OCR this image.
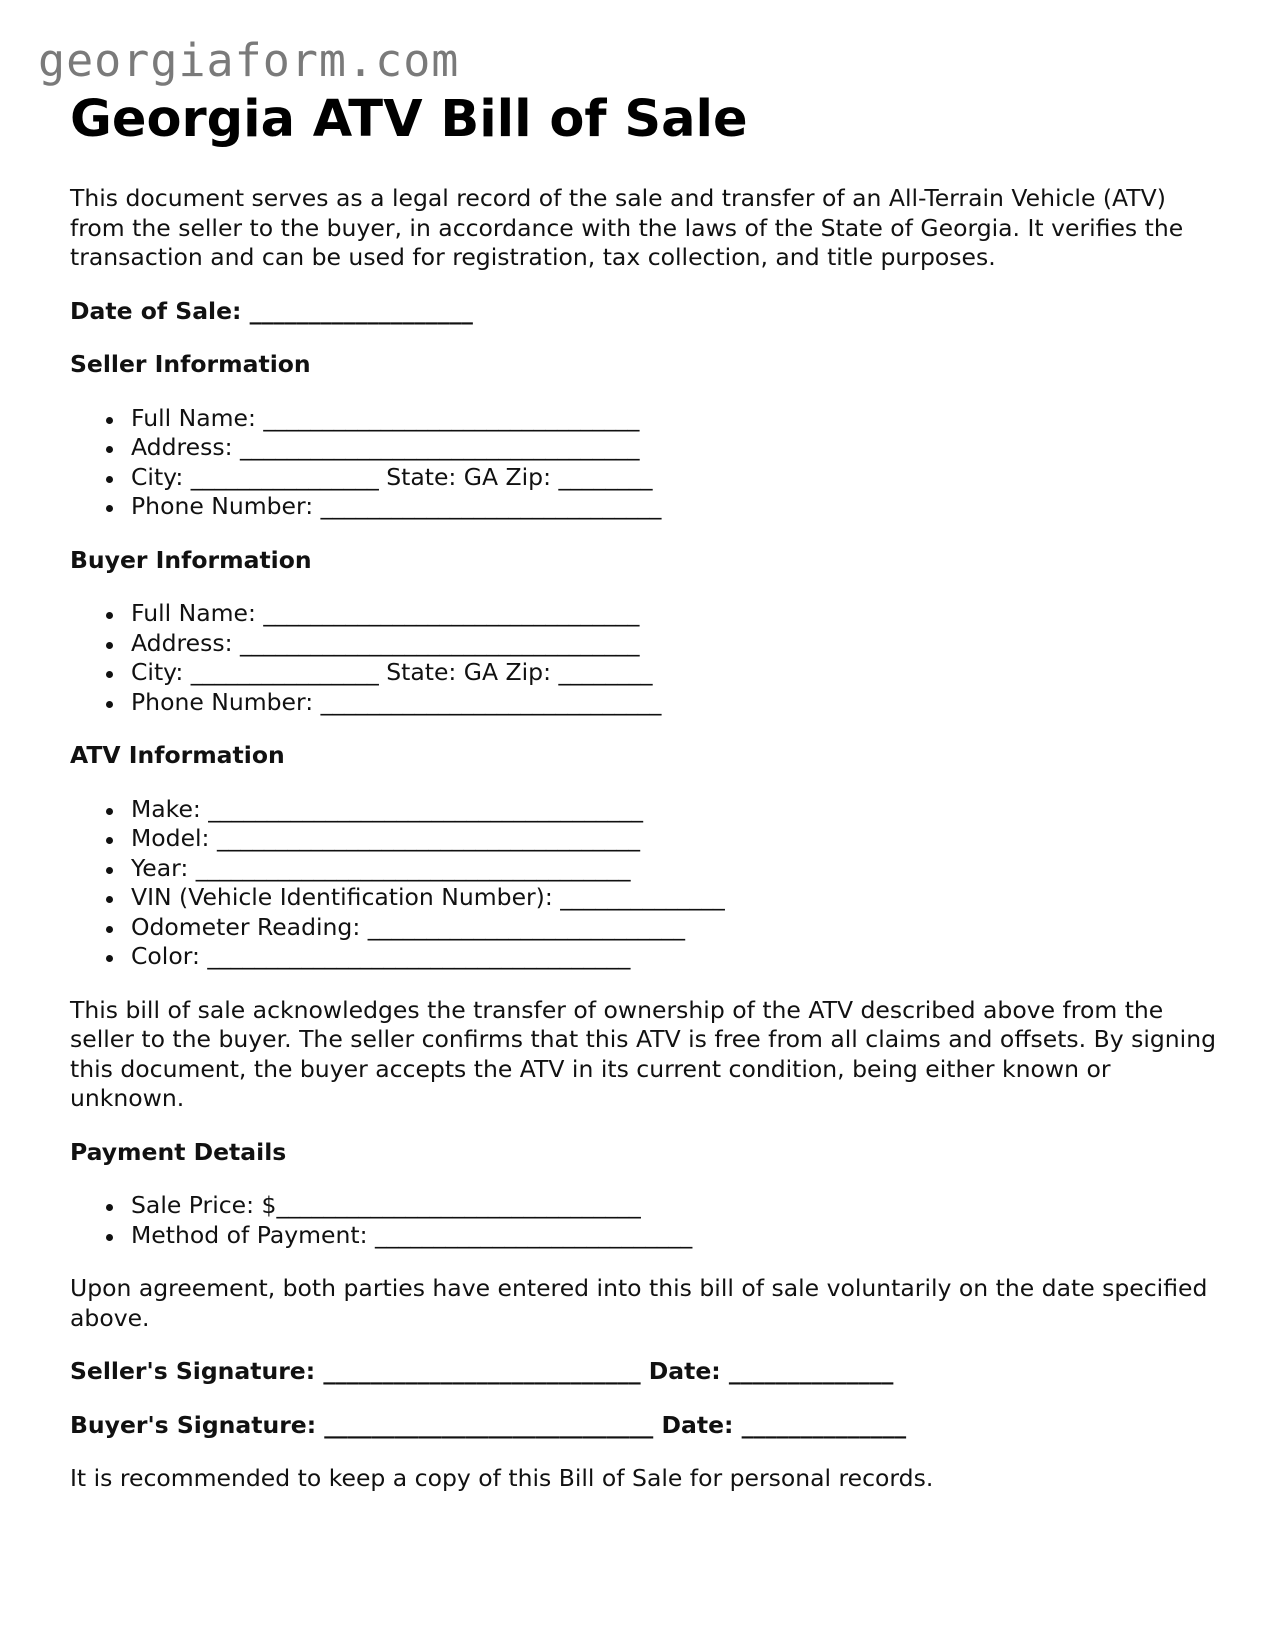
georgiaform.com
Georgia ATV Bill of Sale

This document serves as a legal record of the sale and transfer of an All-Terrain Vehicle (ATV) from the seller to the buyer, in accordance with the laws of the State of Georgia. It verifies the transaction and can be used for registration, tax collection, and title purposes.

Date of Sale: ___________________
Seller Information
Full Name: ________________________________
Address: __________________________________
City: ________________ State: GA Zip: ________
Phone Number: _____________________________
Buyer Information
Full Name: ________________________________
Address: __________________________________
City: ________________ State: GA Zip: ________
Phone Number: _____________________________
ATV Information
Make: _____________________________________
Model: ____________________________________
Year: _____________________________________
VIN (Vehicle Identification Number): ______________
Odometer Reading: ___________________________
Color: ____________________________________

This bill of sale acknowledges the transfer of ownership of the ATV described above from the seller to the buyer. The seller confirms that this ATV is free from all claims and offsets. By signing this document, the buyer accepts the ATV in its current condition, being either known or unknown.

Payment Details
Sale Price: $_______________________________
Method of Payment: ___________________________

Upon agreement, both parties have entered into this bill of sale voluntarily on the date specified above.

Seller's Signature: ___________________________ Date: ______________
Buyer's Signature: ____________________________ Date: ______________

It is recommended to keep a copy of this Bill of Sale for personal records.
